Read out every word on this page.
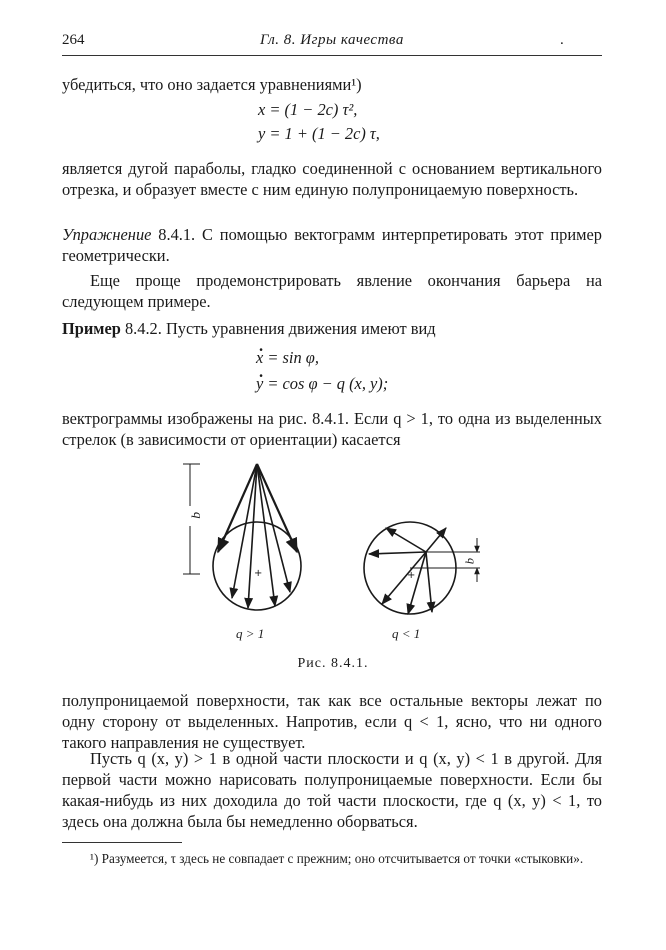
264	Гл. 8. Игры качества	.

убедиться, что оно задается уравнениями¹)

x = (1 − 2c) τ²,
y = 1 + (1 − 2c) τ,

является дугой параболы, гладко соединенной с основанием вертикального отрезка, и образует вместе с ним единую полупроницаемую поверхность.

Упражнение 8.4.1. С помощью вектограмм интерпретировать этот пример геометрически.

Еще проще продемонстрировать явление окончания барьера на следующем примере.

Пример 8.4.2. Пусть уравнения движения имеют вид

. x = sin φ,
. y = cos φ − q (x, y);

вектрограммы изображены на рис. 8.4.1. Если q > 1, то одна из выделенных стрелок (в зависимости от ориентации) касается

+
q
q > 1
+
q
q < 1
Рис. 8.4.1.

полупроницаемой поверхности, так как все остальные векторы лежат по одну сторону от выделенных. Напротив, если q < 1, ясно, что ни одного такого направления не существует.

Пусть q (x, y) > 1 в одной части плоскости и q (x, y) < 1 в другой. Для первой части можно нарисовать полупроницаемые поверхности. Если бы какая-нибудь из них доходила до той части плоскости, где q (x, y) < 1, то здесь она должна была бы немедленно оборваться.

¹) Разумеется, τ здесь не совпадает с прежним; оно отсчитывается от точки «стыковки».
